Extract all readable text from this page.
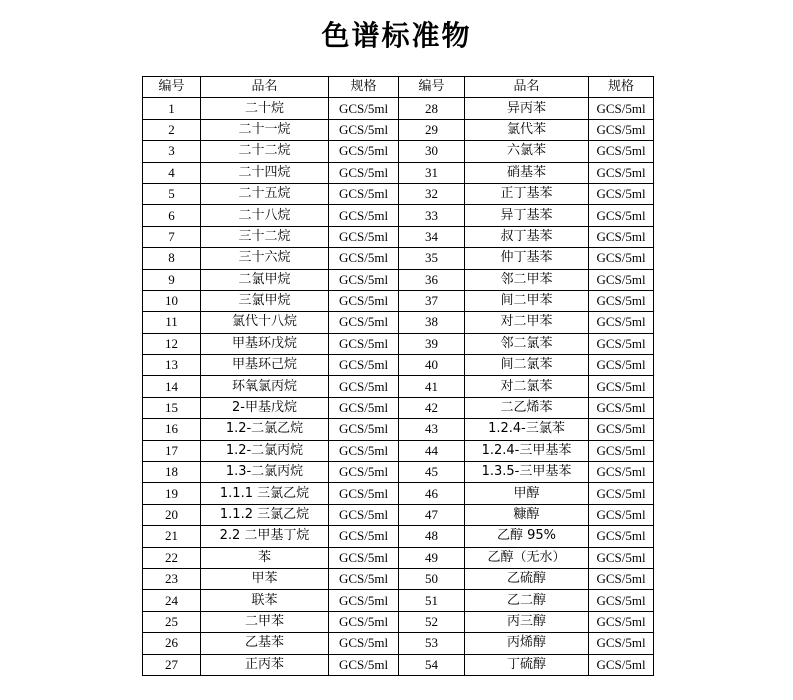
色谱标准物
编号	品名	规格	编号	品名	规格
1	二十烷	GCS/5ml	28	异丙苯	GCS/5ml
2	二十一烷	GCS/5ml	29	氯代苯	GCS/5ml
3	二十二烷	GCS/5ml	30	六氯苯	GCS/5ml
4	二十四烷	GCS/5ml	31	硝基苯	GCS/5ml
5	二十五烷	GCS/5ml	32	正丁基苯	GCS/5ml
6	二十八烷	GCS/5ml	33	异丁基苯	GCS/5ml
7	三十二烷	GCS/5ml	34	叔丁基苯	GCS/5ml
8	三十六烷	GCS/5ml	35	仲丁基苯	GCS/5ml
9	二氯甲烷	GCS/5ml	36	邻二甲苯	GCS/5ml
10	三氯甲烷	GCS/5ml	37	间二甲苯	GCS/5ml
11	氯代十八烷	GCS/5ml	38	对二甲苯	GCS/5ml
12	甲基环戊烷	GCS/5ml	39	邻二氯苯	GCS/5ml
13	甲基环己烷	GCS/5ml	40	间二氯苯	GCS/5ml
14	环氧氯丙烷	GCS/5ml	41	对二氯苯	GCS/5ml
15	2-甲基戊烷	GCS/5ml	42	二乙烯苯	GCS/5ml
16	1.2-二氯乙烷	GCS/5ml	43	1.2.4-三氯苯	GCS/5ml
17	1.2-二氯丙烷	GCS/5ml	44	1.2.4-三甲基苯	GCS/5ml
18	1.3-二氯丙烷	GCS/5ml	45	1.3.5-三甲基苯	GCS/5ml
19	1.1.1 三氯乙烷	GCS/5ml	46	甲醇	GCS/5ml
20	1.1.2 三氯乙烷	GCS/5ml	47	糠醇	GCS/5ml
21	2.2 二甲基丁烷	GCS/5ml	48	乙醇 95%	GCS/5ml
22	苯	GCS/5ml	49	乙醇（无水）	GCS/5ml
23	甲苯	GCS/5ml	50	乙硫醇	GCS/5ml
24	联苯	GCS/5ml	51	乙二醇	GCS/5ml
25	二甲苯	GCS/5ml	52	丙三醇	GCS/5ml
26	乙基苯	GCS/5ml	53	丙烯醇	GCS/5ml
27	正丙苯	GCS/5ml	54	丁硫醇	GCS/5ml
